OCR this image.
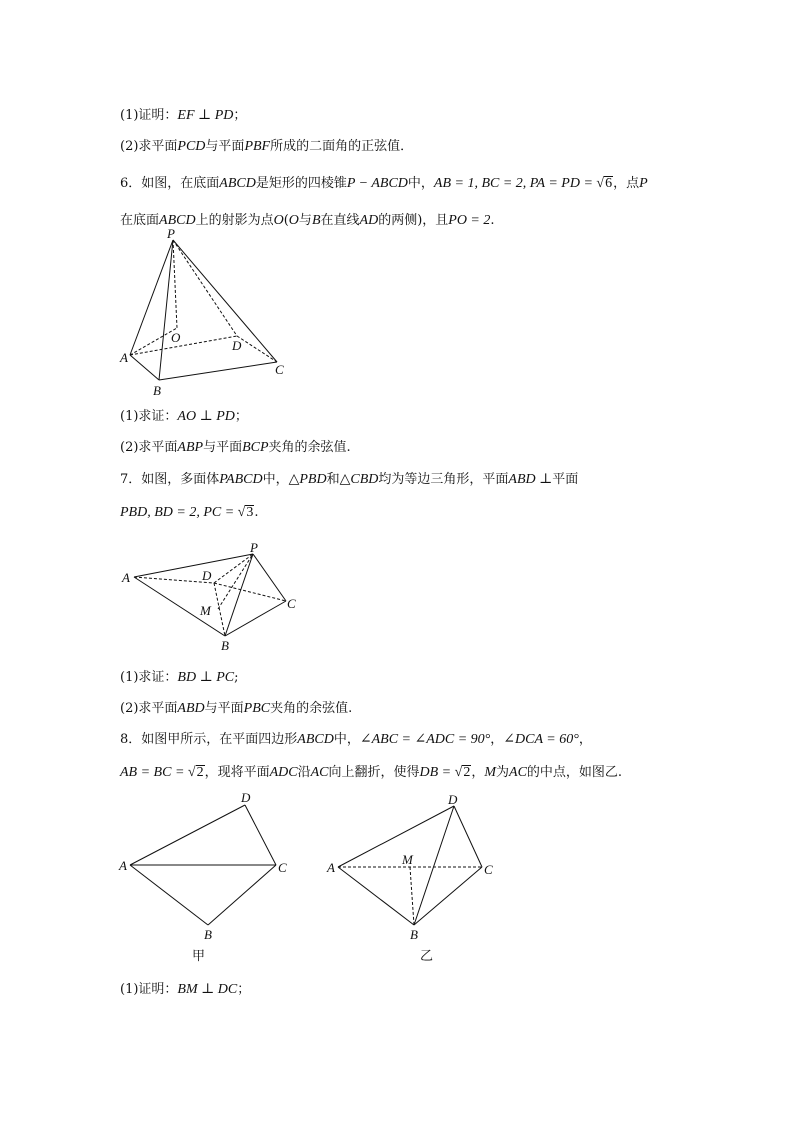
(1)证明：EF ⊥ PD；
(2)求平面PCD与平面PBF所成的二面角的正弦值．
6．如图，在底面ABCD是矩形的四棱锥P − ABCD中，AB = 1, BC = 2, PA = PD = √6，点P
在底面ABCD上的射影为点O(O与B在直线AD的两侧)，且PO = 2.
P
O
D
A
B
C
(1)求证：AO ⊥ PD；
(2)求平面ABP与平面BCP夹角的余弦值.
7．如图，多面体PABCD中，△PBD和△CBD均为等边三角形，平面ABD ⊥平面
PBD, BD = 2, PC = √3.
P
A	D
M	C
B
(1)求证：BD ⊥ PC;
(2)求平面ABD与平面PBC夹角的余弦值.
8．如图甲所示，在平面四边形ABCD中，∠ABC = ∠ADC = 90°，∠DCA = 60°，
AB = BC = √2，现将平面ADC沿AC向上翻折，使得DB = √2，M为AC的中点，如图乙.
D
A	C
B
甲
D
M
A	C
B
乙
(1)证明：BM ⊥ DC；
